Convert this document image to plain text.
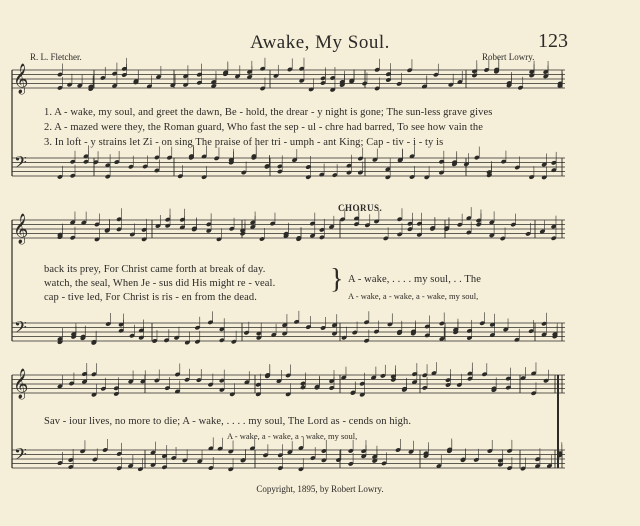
𝄞
𝄢
𝄞
𝄢
𝄞
𝄢
Awake, My Soul.	123
R. L. Fletcher.	Robert Lowry.
1. A - wake, my soul, and greet the dawn, Be - hold, the drear - y night is gone; The sun-less grave gives
2. A - mazed were they, the Roman guard, Who fast the sep - ul - chre had barred, To see how vain the
3. In loft - y strains let Zi - on sing The praise of her tri - umph - ant King; Cap - tiv - i - ty is
CHORUS.
back its prey, For Christ came forth at break of day.
watch, the seal, When Je - sus did His might re - veal.
cap - tive led, For Christ is ris - en from the dead.
} A - wake, . . . . my soul, . . The
A - wake, a - wake, a - wake, my soul,
Sav - iour lives, no more to die; A - wake, . . . . my soul, The Lord as - cends on high.
A - wake, a - wake, a - wake, my soul,
Copyright, 1895, by Robert Lowry.
